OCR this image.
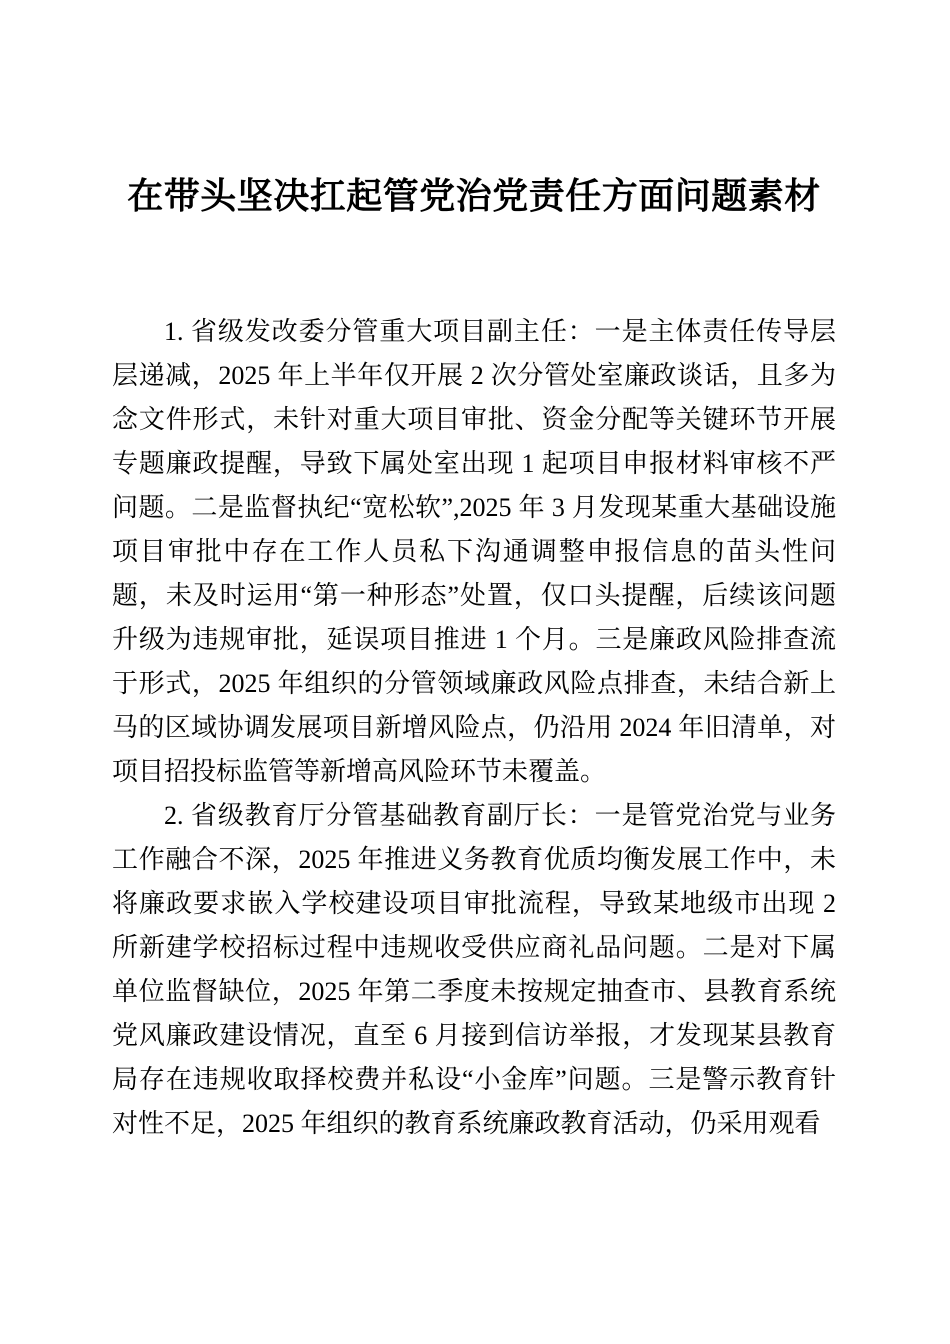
在带头坚决扛起管党治党责任方面问题素材

1. 省级发改委分管重大项目副主任：一是主体责任传导层层递减，2025 年上半年仅开展 2 次分管处室廉政谈话，且多为念文件形式，未针对重大项目审批、资金分配等关键环节开展专题廉政提醒，导致下属处室出现 1 起项目申报材料审核不严问题。二是监督执纪“宽松软”,2025 年 3 月发现某重大基础设施项目审批中存在工作人员私下沟通调整申报信息的苗头性问题，未及时运用“第一种形态”处置，仅口头提醒，后续该问题升级为违规审批，延误项目推进 1 个月。三是廉政风险排查流于形式，2025 年组织的分管领域廉政风险点排查，未结合新上马的区域协调发展项目新增风险点，仍沿用 2024 年旧清单，对项目招投标监管等新增高风险环节未覆盖。

2. 省级教育厅分管基础教育副厅长：一是管党治党与业务工作融合不深，2025 年推进义务教育优质均衡发展工作中，未将廉政要求嵌入学校建设项目审批流程，导致某地级市出现 2 所新建学校招标过程中违规收受供应商礼品问题。二是对下属单位监督缺位，2025 年第二季度未按规定抽查市、县教育系统党风廉政建设情况，直至 6 月接到信访举报，才发现某县教育局存在违规收取择校费并私设“小金库”问题。三是警示教育针对性不足，2025 年组织的教育系统廉政教育活动，仍采用观看
